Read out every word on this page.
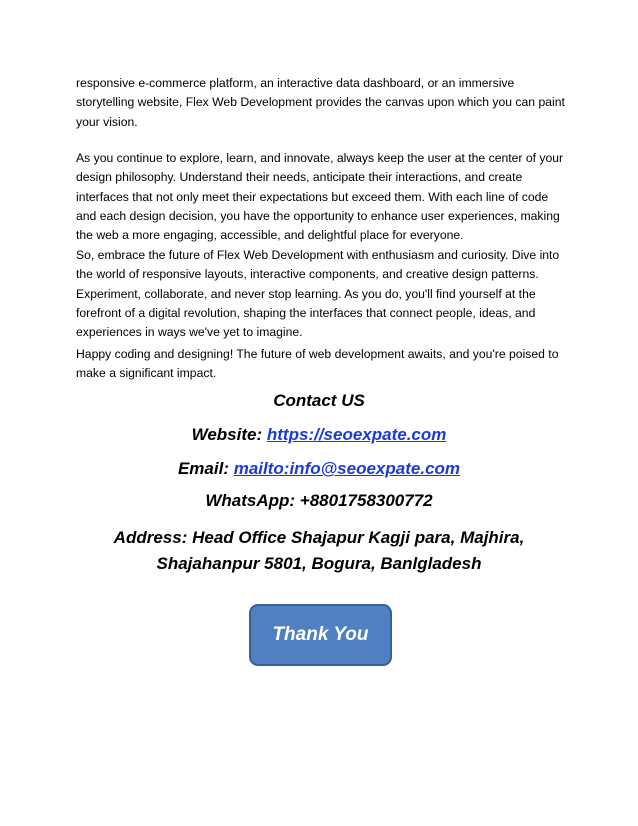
responsive e-commerce platform, an interactive data dashboard, or an immersive storytelling website, Flex Web Development provides the canvas upon which you can paint your vision.

As you continue to explore, learn, and innovate, always keep the user at the center of your design philosophy. Understand their needs, anticipate their interactions, and create interfaces that not only meet their expectations but exceed them. With each line of code and each design decision, you have the opportunity to enhance user experiences, making the web a more engaging, accessible, and delightful place for everyone.

So, embrace the future of Flex Web Development with enthusiasm and curiosity. Dive into the world of responsive layouts, interactive components, and creative design patterns. Experiment, collaborate, and never stop learning. As you do, you'll find yourself at the forefront of a digital revolution, shaping the interfaces that connect people, ideas, and experiences in ways we've yet to imagine.

Happy coding and designing! The future of web development awaits, and you're poised to make a significant impact.

Contact US

Website: https://seoexpate.com

Email: mailto:info@seoexpate.com

WhatsApp: +8801758300772

Address: Head Office Shajapur Kagji para, Majhira, Shajahanpur 5801, Bogura, Banlgladesh

Thank You
